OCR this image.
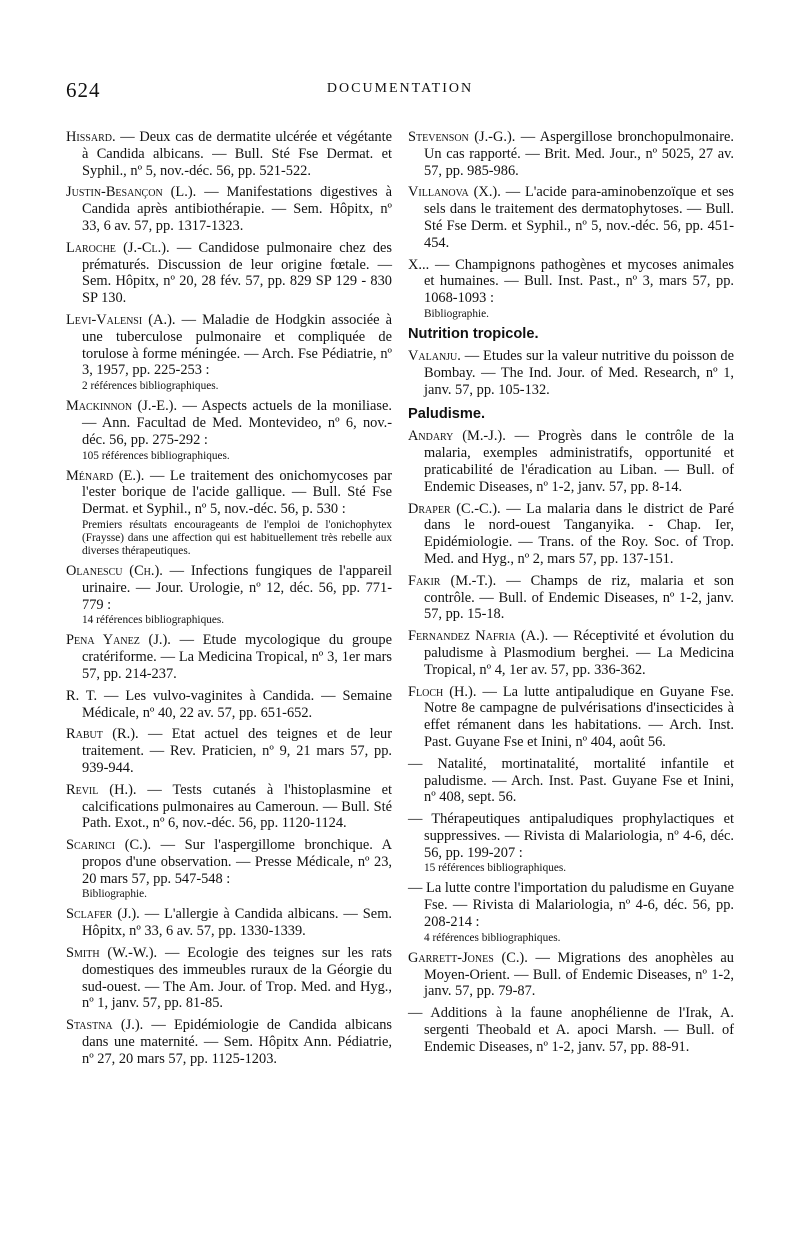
624	DOCUMENTATION
Hissard. — Deux cas de dermatite ulcérée et végétante à Candida albicans. — Bull. Sté Fse Dermat. et Syphil., nº 5, nov.-déc. 56, pp. 521-522.
Justin-Besançon (L.). — Manifestations digestives à Candida après antibiothérapie. — Sem. Hôpitx, nº 33, 6 av. 57, pp. 1317-1323.
Laroche (J.-Cl.). — Candidose pulmonaire chez des prématurés. Discussion de leur origine fœtale. — Sem. Hôpitx, nº 20, 28 fév. 57, pp. 829 SP 129 - 830 SP 130.
Levi-Valensi (A.). — Maladie de Hodgkin associée à une tuberculose pulmonaire et compliquée de torulose à forme méningée. — Arch. Fse Pédiatrie, nº 3, 1957, pp. 225-253 :
2 références bibliographiques.
Mackinnon (J.-E.). — Aspects actuels de la moniliase. — Ann. Facultad de Med. Montevideo, nº 6, nov.-déc. 56, pp. 275-292 :
105 références bibliographiques.
Ménard (E.). — Le traitement des onichomycoses par l'ester borique de l'acide gallique. — Bull. Sté Fse Dermat. et Syphil., nº 5, nov.-déc. 56, p. 530 :
Premiers résultats encourageants de l'emploi de l'onichophytex (Fraysse) dans une affection qui est habituellement très rebelle aux diverses thérapeutiques.
Olanescu (Ch.). — Infections fungiques de l'appareil urinaire. — Jour. Urologie, nº 12, déc. 56, pp. 771-779 :
14 références bibliographiques.
Pena Yanez (J.). — Etude mycologique du groupe cratériforme. — La Medicina Tropical, nº 3, 1er mars 57, pp. 214-237.
R. T. — Les vulvo-vaginites à Candida. — Semaine Médicale, nº 40, 22 av. 57, pp. 651-652.
Rabut (R.). — Etat actuel des teignes et de leur traitement. — Rev. Praticien, nº 9, 21 mars 57, pp. 939-944.
Revil (H.). — Tests cutanés à l'histoplasmine et calcifications pulmonaires au Cameroun. — Bull. Sté Path. Exot., nº 6, nov.-déc. 56, pp. 1120-1124.
Scarinci (C.). — Sur l'aspergillome bronchique. A propos d'une observation. — Presse Médicale, nº 23, 20 mars 57, pp. 547-548 :
Bibliographie.
Sclafer (J.). — L'allergie à Candida albicans. — Sem. Hôpitx, nº 33, 6 av. 57, pp. 1330-1339.
Smith (W.-W.). — Ecologie des teignes sur les rats domestiques des immeubles ruraux de la Géorgie du sud-ouest. — The Am. Jour. of Trop. Med. and Hyg., nº 1, janv. 57, pp. 81-85.
Stastna (J.). — Epidémiologie de Candida albicans dans une maternité. — Sem. Hôpitx Ann. Pédiatrie, nº 27, 20 mars 57, pp. 1125-1203.
Stevenson (J.-G.). — Aspergillose bronchopulmonaire. Un cas rapporté. — Brit. Med. Jour., nº 5025, 27 av. 57, pp. 985-986.
Villanova (X.). — L'acide para-aminobenzoïque et ses sels dans le traitement des dermatophytoses. — Bull. Sté Fse Derm. et Syphil., nº 5, nov.-déc. 56, pp. 451-454.
X... — Champignons pathogènes et mycoses animales et humaines. — Bull. Inst. Past., nº 3, mars 57, pp. 1068-1093 :
Bibliographie.
Nutrition tropicole.
Valanju. — Etudes sur la valeur nutritive du poisson de Bombay. — The Ind. Jour. of Med. Research, nº 1, janv. 57, pp. 105-132.
Paludisme.
Andary (M.-J.). — Progrès dans le contrôle de la malaria, exemples administratifs, opportunité et praticabilité de l'éradication au Liban. — Bull. of Endemic Diseases, nº 1-2, janv. 57, pp. 8-14.
Draper (C.-C.). — La malaria dans le district de Paré dans le nord-ouest Tanganyika. - Chap. Ier, Epidémiologie. — Trans. of the Roy. Soc. of Trop. Med. and Hyg., nº 2, mars 57, pp. 137-151.
Fakir (M.-T.). — Champs de riz, malaria et son contrôle. — Bull. of Endemic Diseases, nº 1-2, janv. 57, pp. 15-18.
Fernandez Nafria (A.). — Réceptivité et évolution du paludisme à Plasmodium berghei. — La Medicina Tropical, nº 4, 1er av. 57, pp. 336-362.
Floch (H.). — La lutte antipaludique en Guyane Fse. Notre 8e campagne de pulvérisations d'insecticides à effet rémanent dans les habitations. — Arch. Inst. Past. Guyane Fse et Inini, nº 404, août 56.
— Natalité, mortinatalité, mortalité infantile et paludisme. — Arch. Inst. Past. Guyane Fse et Inini, nº 408, sept. 56.
— Thérapeutiques antipaludiques prophylactiques et suppressives. — Rivista di Malariologia, nº 4-6, déc. 56, pp. 199-207 :
15 références bibliographiques.
— La lutte contre l'importation du paludisme en Guyane Fse. — Rivista di Malariologia, nº 4-6, déc. 56, pp. 208-214 :
4 références bibliographiques.
Garrett-Jones (C.). — Migrations des anophèles au Moyen-Orient. — Bull. of Endemic Diseases, nº 1-2, janv. 57, pp. 79-87.
— Additions à la faune anophélienne de l'Irak, A. sergenti Theobald et A. apoci Marsh. — Bull. of Endemic Diseases, nº 1-2, janv. 57, pp. 88-91.
